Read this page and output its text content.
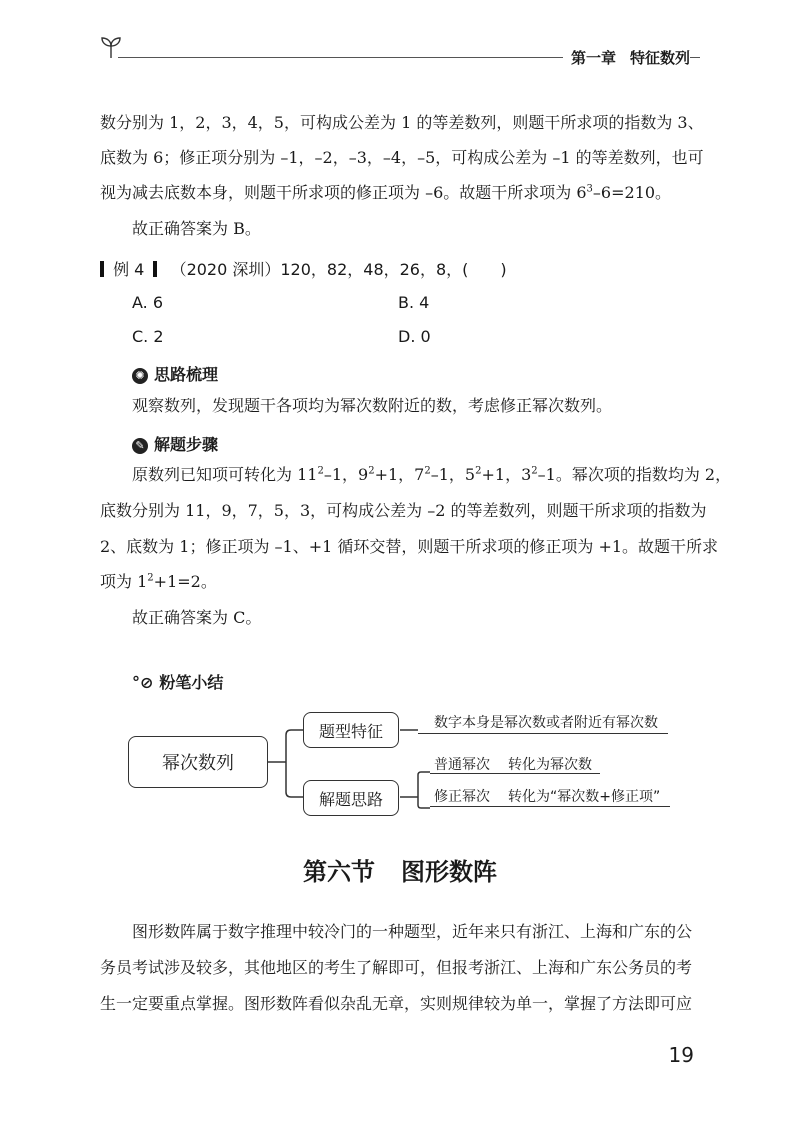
第一章 特征数列
数分别为 1，2，3，4，5，可构成公差为 1 的等差数列，则题干所求项的指数为 3、
底数为 6；修正项分别为 –1，–2，–3，–4，–5，可构成公差为 –1 的等差数列，也可
视为减去底数本身，则题干所求项的修正项为 –6。故题干所求项为 $6^3-6=210$。
故正确答案为 B。
例 4 （2020 深圳）120，82，48，26，8，(　　)
A. 6	B. 4
C. 2	D. 0
✺ 思路梳理
观察数列，发现题干各项均为幂次数附近的数，考虑修正幂次数列。
✎ 解题步骤
原数列已知项可转化为 $11^2-1$，$9^2+1$，$7^2-1$，$5^2+1$，$3^2-1$。幂次项的指数均为 2，
底数分别为 11，9，7，5，3，可构成公差为 –2 的等差数列，则题干所求项的指数为
2、底数为 1；修正项为 –1、+1 循环交替，则题干所求项的修正项为 +1。故题干所求
项为 $1^2+1=2$。
故正确答案为 C。
°⊘ 粉笔小结
幂次数列
题型特征
解题思路
数字本身是幂次数或者附近有幂次数
普通幂次 转化为幂次数
修正幂次 转化为“幂次数+修正项”
第六节 图形数阵
图形数阵属于数字推理中较冷门的一种题型，近年来只有浙江、上海和广东的公
务员考试涉及较多，其他地区的考生了解即可，但报考浙江、上海和广东公务员的考
生一定要重点掌握。图形数阵看似杂乱无章，实则规律较为单一，掌握了方法即可应
19
